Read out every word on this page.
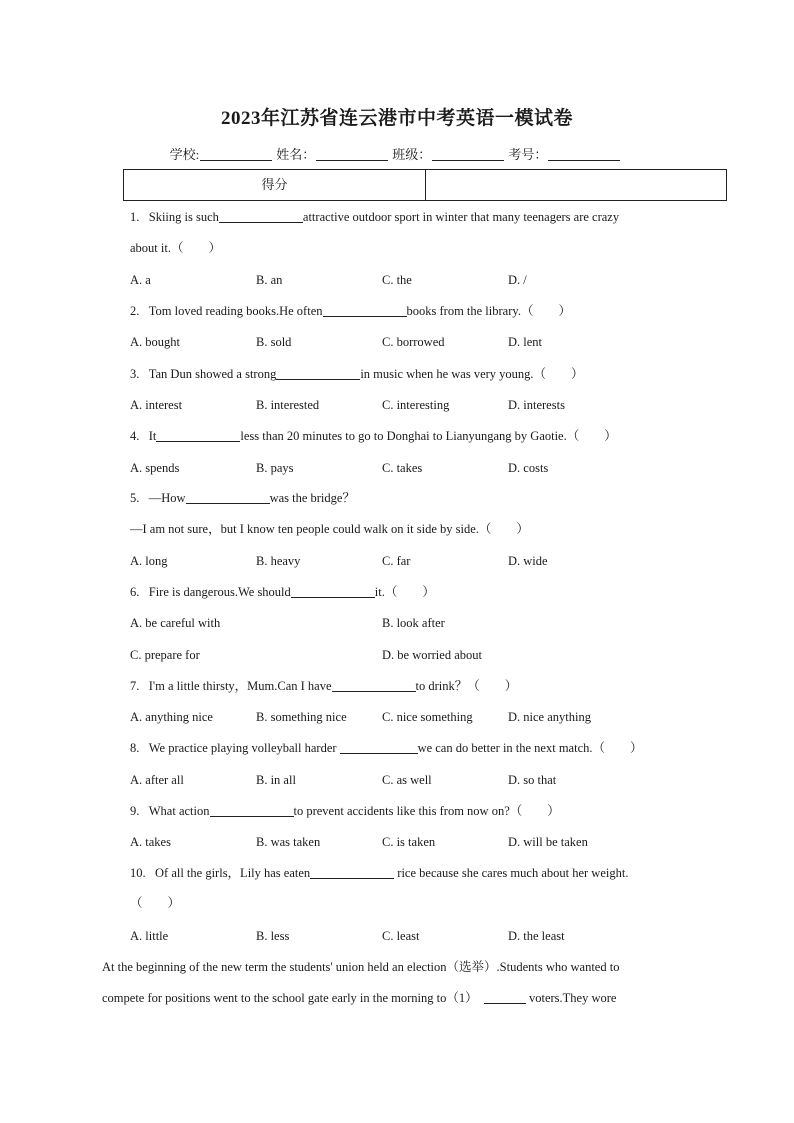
2023年江苏省连云港市中考英语一模试卷
学校:	姓名：	班级：	考号：
得分
1. Skiing is such	attractive outdoor sport in winter that many teenagers are crazy
about it.（　　）
A. a	B. an	C. the	D. /
2. Tom loved reading books.He often	books from the library.（　　）
A. bought	B. sold	C. borrowed	D. lent
3. Tan Dun showed a strong	in music when he was very young.（　　）
A. interest	B. interested	C. interesting	D. interests
4. It	less than 20 minutes to go to Donghai to Lianyungang by Gaotie.（　　）
A. spends	B. pays	C. takes	D. costs
5. —How	was the bridge？
—I am not sure，but I know ten people could walk on it side by side.（　　）
A. long	B. heavy	C. far	D. wide
6. Fire is dangerous.We should	it.（　　）
A. be careful with	B. look after
C. prepare for	D. be worried about
7. I'm a little thirsty，Mum.Can I have	to drink？（　　）
A. anything nice	B. something nice	C. nice something	D. nice anything
8. We practice playing volleyball harder	we can do better in the next match.（　　）
A. after all	B. in all	C. as well	D. so that
9. What action	to prevent accidents like this from now on?（　　）
A. takes	B. was taken	C. is taken	D. will be taken
10. Of all the girls，Lily has eaten	rice because she cares much about her weight.
（　　）
A. little	B. less	C. least	D. the least
At the beginning of the new term the students' union held an election（选举）.Students who wanted to
compete for positions went to the school gate early in the morning to（1）	voters.They wore
